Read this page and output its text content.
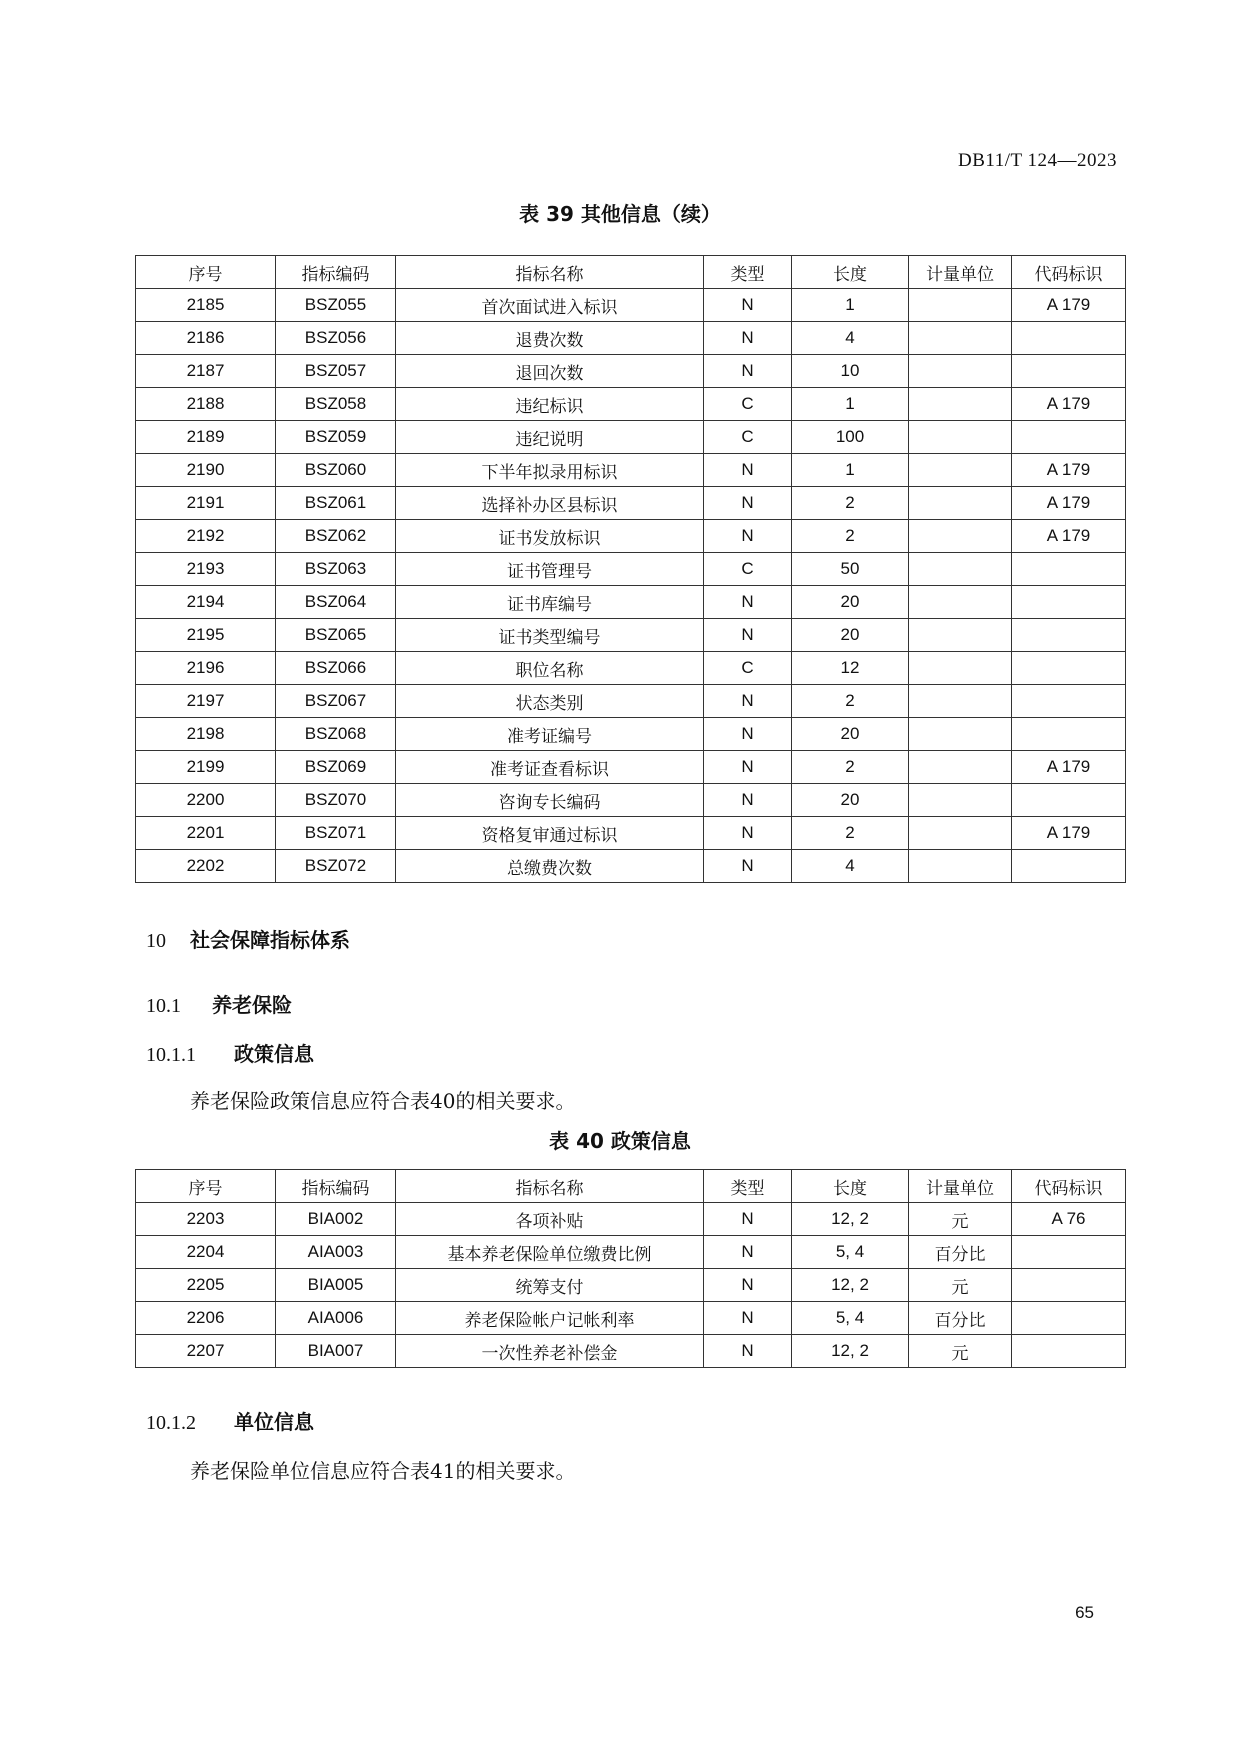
DB11/T 124—2023
表 39 其他信息（续）
序号	指标编码	指标名称	类型	长度	计量单位	代码标识
2185	BSZ055	首次面试进入标识	N	1		A 179
2186	BSZ056	退费次数	N	4		
2187	BSZ057	退回次数	N	10		
2188	BSZ058	违纪标识	C	1		A 179
2189	BSZ059	违纪说明	C	100		
2190	BSZ060	下半年拟录用标识	N	1		A 179
2191	BSZ061	选择补办区县标识	N	2		A 179
2192	BSZ062	证书发放标识	N	2		A 179
2193	BSZ063	证书管理号	C	50		
2194	BSZ064	证书库编号	N	20		
2195	BSZ065	证书类型编号	N	20		
2196	BSZ066	职位名称	C	12		
2197	BSZ067	状态类别	N	2		
2198	BSZ068	准考证编号	N	20		
2199	BSZ069	准考证查看标识	N	2		A 179
2200	BSZ070	咨询专长编码	N	20		
2201	BSZ071	资格复审通过标识	N	2		A 179
2202	BSZ072	总缴费次数	N	4		
10 社会保障指标体系
10.1 养老保险
10.1.1 政策信息
养老保险政策信息应符合表40的相关要求。
表 40 政策信息
序号	指标编码	指标名称	类型	长度	计量单位	代码标识
2203	BIA002	各项补贴	N	12, 2	元	A 76
2204	AIA003	基本养老保险单位缴费比例	N	5, 4	百分比	
2205	BIA005	统筹支付	N	12, 2	元	
2206	AIA006	养老保险帐户记帐利率	N	5, 4	百分比	
2207	BIA007	一次性养老补偿金	N	12, 2	元	
10.1.2 单位信息
养老保险单位信息应符合表41的相关要求。
65
